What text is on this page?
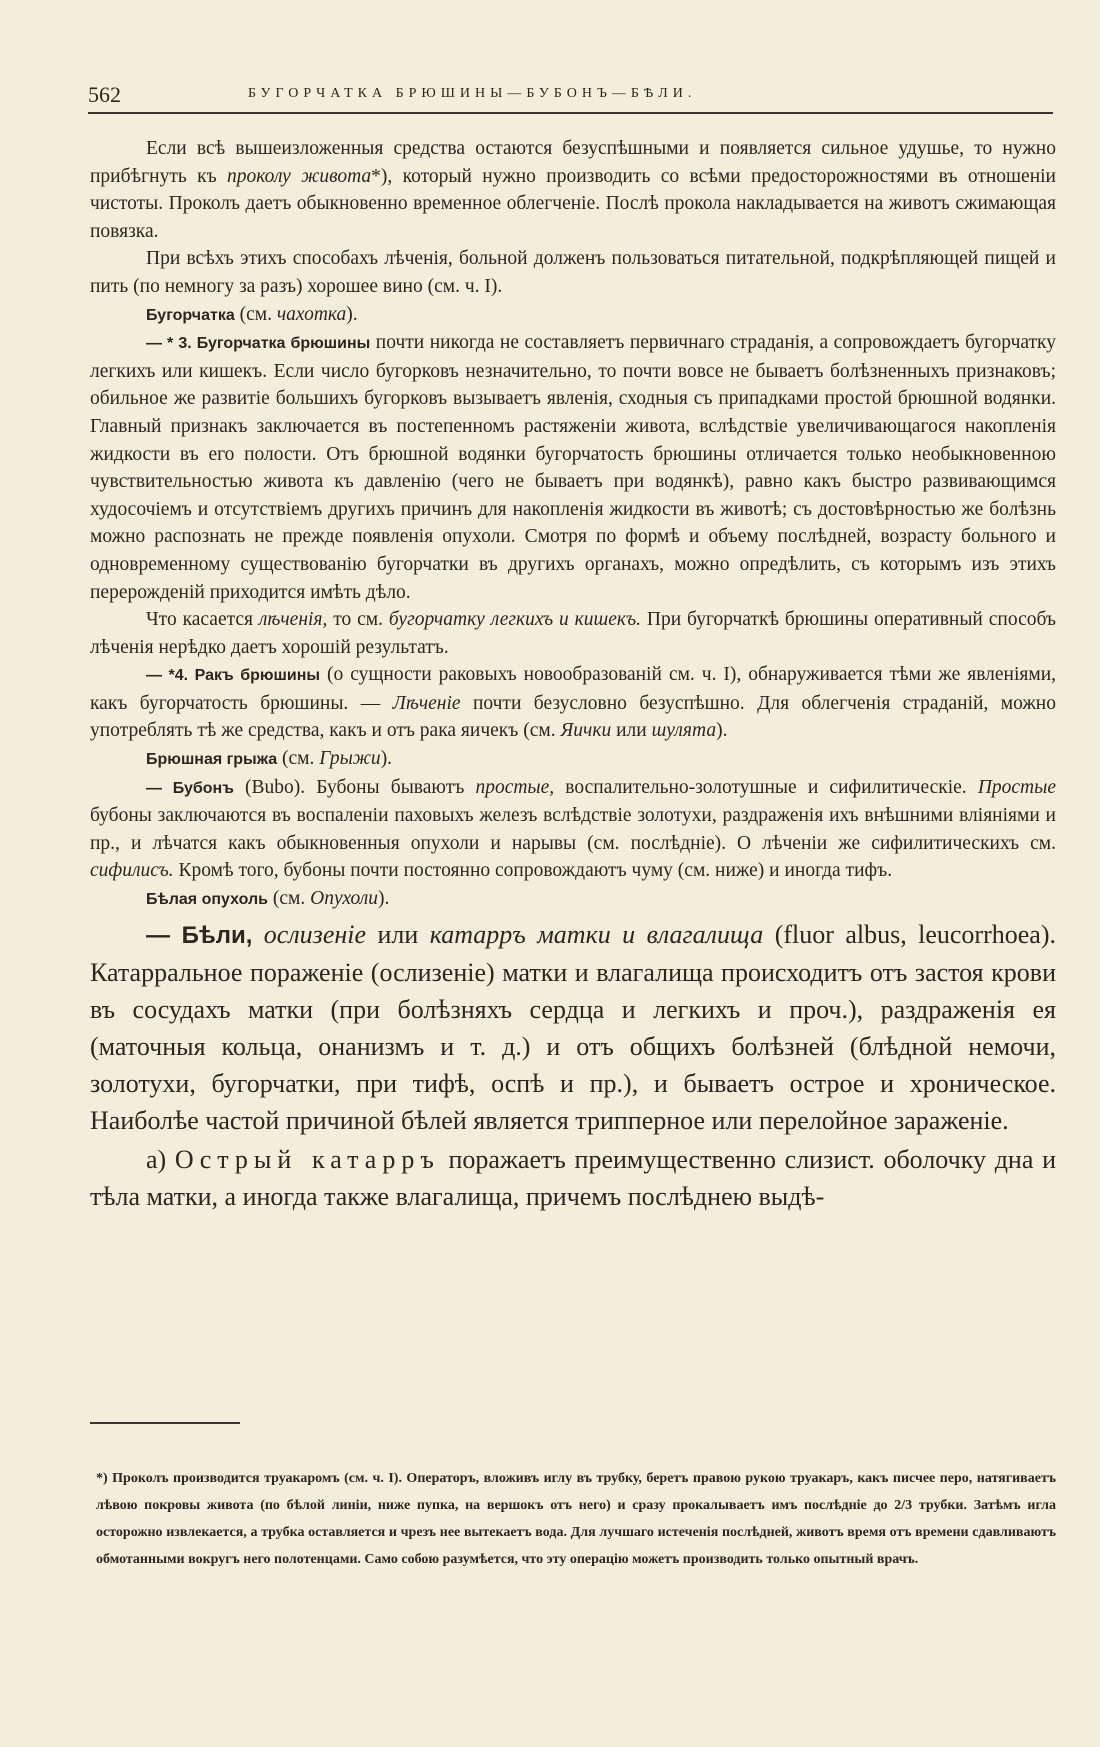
562	БУГОРЧАТКА БРЮШИНЫ—БУБОНЪ—БѢЛИ.

Если всѣ вышеизложенныя средства остаются безуспѣшными и появляется сильное удушье, то нужно прибѣгнуть къ проколу живота*), который нужно производить со всѣми предосторожностями въ отношеніи чистоты. Проколъ даетъ обыкновенно временное облегченіе. Послѣ прокола накладывается на животъ сжимающая повязка.

При всѣхъ этихъ способахъ лѣченія, больной долженъ пользоваться питательной, подкрѣпляющей пищей и пить (по немногу за разъ) хорошее вино (см. ч. I).

Бугорчатка (см. чахотка).

— * 3. Бугорчатка брюшины почти никогда не составляетъ первичнаго страданія, а сопровождаетъ бугорчатку легкихъ или кишекъ. Если число бугорковъ незначительно, то почти вовсе не бываетъ болѣзненныхъ признаковъ; обильное же развитіе большихъ бугорковъ вызываетъ явленія, сходныя съ припадками простой брюшной водянки. Главный признакъ заключается въ постепенномъ растяженіи живота, вслѣдствіе увеличивающагося накопленія жидкости въ его полости. Отъ брюшной водянки бугорчатость брюшины отличается только необыкновенною чувствительностью живота къ давленію (чего не бываетъ при водянкѣ), равно какъ быстро развивающимся худосочіемъ и отсутствіемъ другихъ причинъ для накопленія жидкости въ животѣ; съ достовѣрностью же болѣзнь можно распознать не прежде появленія опухоли. Смотря по формѣ и объему послѣдней, возрасту больного и одновременному существованію бугорчатки въ другихъ органахъ, можно опредѣлить, съ которымъ изъ этихъ перерожденій приходится имѣть дѣло.

Что касается лѣченія, то см. бугорчатку легкихъ и кишекъ. При бугорчаткѣ брюшины оперативный способъ лѣченія нерѣдко даетъ хорошій результатъ.

— *4. Ракъ брюшины (о сущности раковыхъ новообразованій см. ч. I), обнаруживается тѣми же явленіями, какъ бугорчатость брюшины. — Лѣченіе почти безусловно безуспѣшно. Для облегченія страданій, можно употреблять тѣ же средства, какъ и отъ рака яичекъ (см. Яички или шулята).

Брюшная грыжа (см. Грыжи).

— Бубонъ (Bubo). Бубоны бываютъ простые, воспалительно-золотушные и сифилитическіе. Простые бубоны заключаются въ воспаленіи паховыхъ железъ вслѣдствіе золотухи, раздраженія ихъ внѣшними вліяніями и пр., и лѣчатся какъ обыкновенныя опухоли и нарывы (см. послѣдніе). О лѣченіи же сифилитическихъ см. сифилисъ. Кромѣ того, бубоны почти постоянно сопровождаютъ чуму (см. ниже) и иногда тифъ.

Бѣлая опухоль (см. Опухоли).

— Бѣли, ослизеніе или катарръ матки и влагалища (fluor albus, leucorrhoea). Катарральное пораженіе (ослизеніе) матки и влагалища происходитъ отъ застоя крови въ сосудахъ матки (при болѣзняхъ сердца и легкихъ и проч.), раздраженія ея (маточныя кольца, онанизмъ и т. д.) и отъ общихъ болѣзней (блѣдной немочи, золотухи, бугорчатки, при тифѣ, оспѣ и пр.), и бываетъ острое и хроническое. Наиболѣе частой причиной бѣлей является трипперное или перелойное зараженіе.

а) Острый катарръ поражаетъ преимущественно слизист. оболочку дна и тѣла матки, а иногда также влагалища, причемъ послѣднею выдѣ-

*) Проколъ производится труакаромъ (см. ч. I). Операторъ, вложивъ иглу въ трубку, беретъ правою рукою труакаръ, какъ писчее перо, натягиваетъ лѣвою покровы живота (по бѣлой линіи, ниже пупка, на вершокъ отъ него) и сразу прокалываетъ имъ послѣдніе до 2/3 трубки. Затѣмъ игла осторожно извлекается, а трубка оставляется и чрезъ нее вытекаетъ вода. Для лучшаго истеченія послѣдней, животъ время отъ времени сдавливаютъ обмотанными вокругъ него полотенцами. Само собою разумѣется, что эту операцію можетъ производить только опытный врачъ.
